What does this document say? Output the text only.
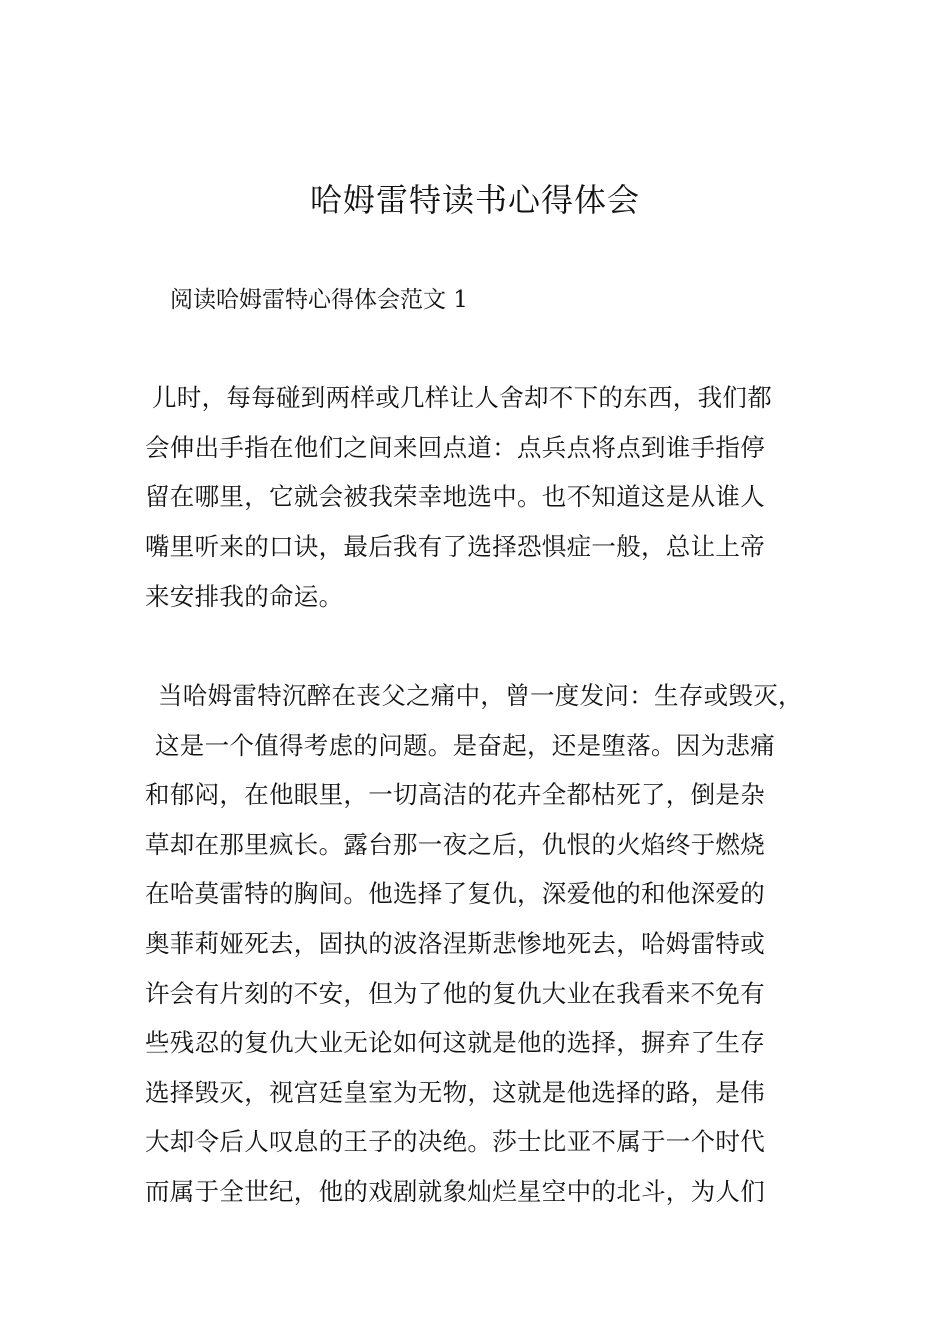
哈姆雷特读书心得体会
阅读哈姆雷特心得体会范文 1
儿时，每每碰到两样或几样让人舍却不下的东西，我们都
会伸出手指在他们之间来回点道：点兵点将点到谁手指停
留在哪里，它就会被我荣幸地选中。也不知道这是从谁人
嘴里听来的口诀，最后我有了选择恐惧症一般，总让上帝
来安排我的命运。
当哈姆雷特沉醉在丧父之痛中，曾一度发问：生存或毁灭，
这是一个值得考虑的问题。是奋起，还是堕落。因为悲痛
和郁闷，在他眼里，一切高洁的花卉全都枯死了，倒是杂
草却在那里疯长。露台那一夜之后，仇恨的火焰终于燃烧
在哈莫雷特的胸间。他选择了复仇，深爱他的和他深爱的
奥菲莉娅死去，固执的波洛涅斯悲惨地死去，哈姆雷特或
许会有片刻的不安，但为了他的复仇大业在我看来不免有
些残忍的复仇大业无论如何这就是他的选择，摒弃了生存
选择毁灭，视宫廷皇室为无物，这就是他选择的路，是伟
大却令后人叹息的王子的决绝。莎士比亚不属于一个时代
而属于全世纪，他的戏剧就象灿烂星空中的北斗，为人们
